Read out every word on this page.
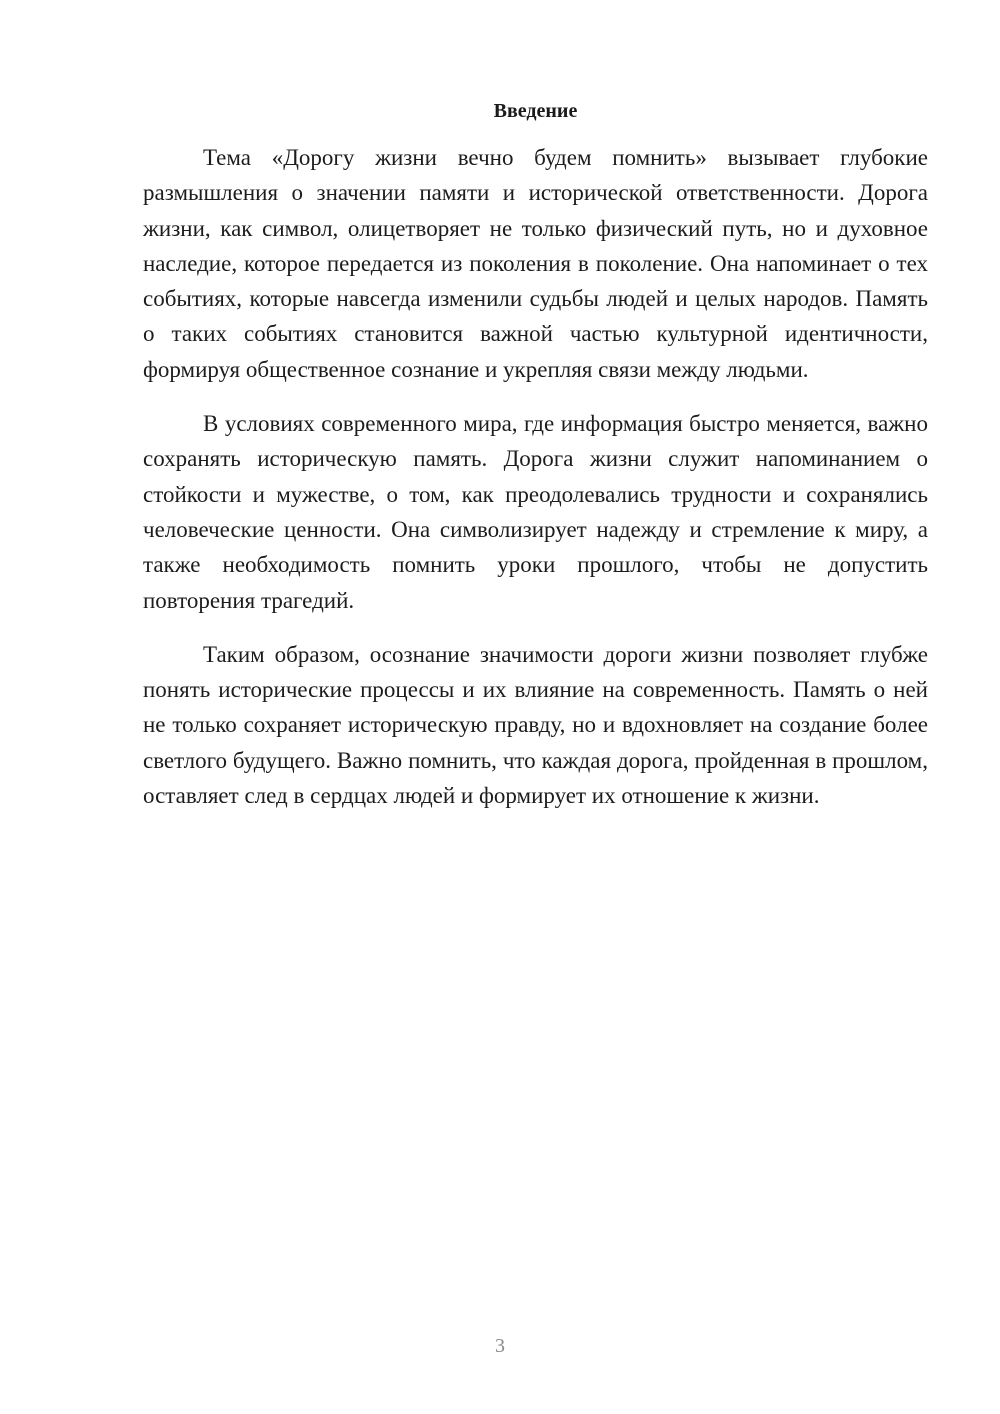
Введение

Тема «Дорогу жизни вечно будем помнить» вызывает глубокие размышления о значении памяти и исторической ответственности. Дорога жизни, как символ, олицетворяет не только физический путь, но и духовное наследие, которое передается из поколения в поколение. Она напоминает о тех событиях, которые навсегда изменили судьбы людей и целых народов. Память о таких событиях становится важной частью культурной идентичности, формируя общественное сознание и укрепляя связи между людьми.

В условиях современного мира, где информация быстро меняется, важно сохранять историческую память. Дорога жизни служит напоминанием о стойкости и мужестве, о том, как преодолевались трудности и сохранялись человеческие ценности. Она символизирует надежду и стремление к миру, а также необходимость помнить уроки прошлого, чтобы не допустить повторения трагедий.

Таким образом, осознание значимости дороги жизни позволяет глубже понять исторические процессы и их влияние на современность. Память о ней не только сохраняет историческую правду, но и вдохновляет на создание более светлого будущего. Важно помнить, что каждая дорога, пройденная в прошлом, оставляет след в сердцах людей и формирует их отношение к жизни.

3
